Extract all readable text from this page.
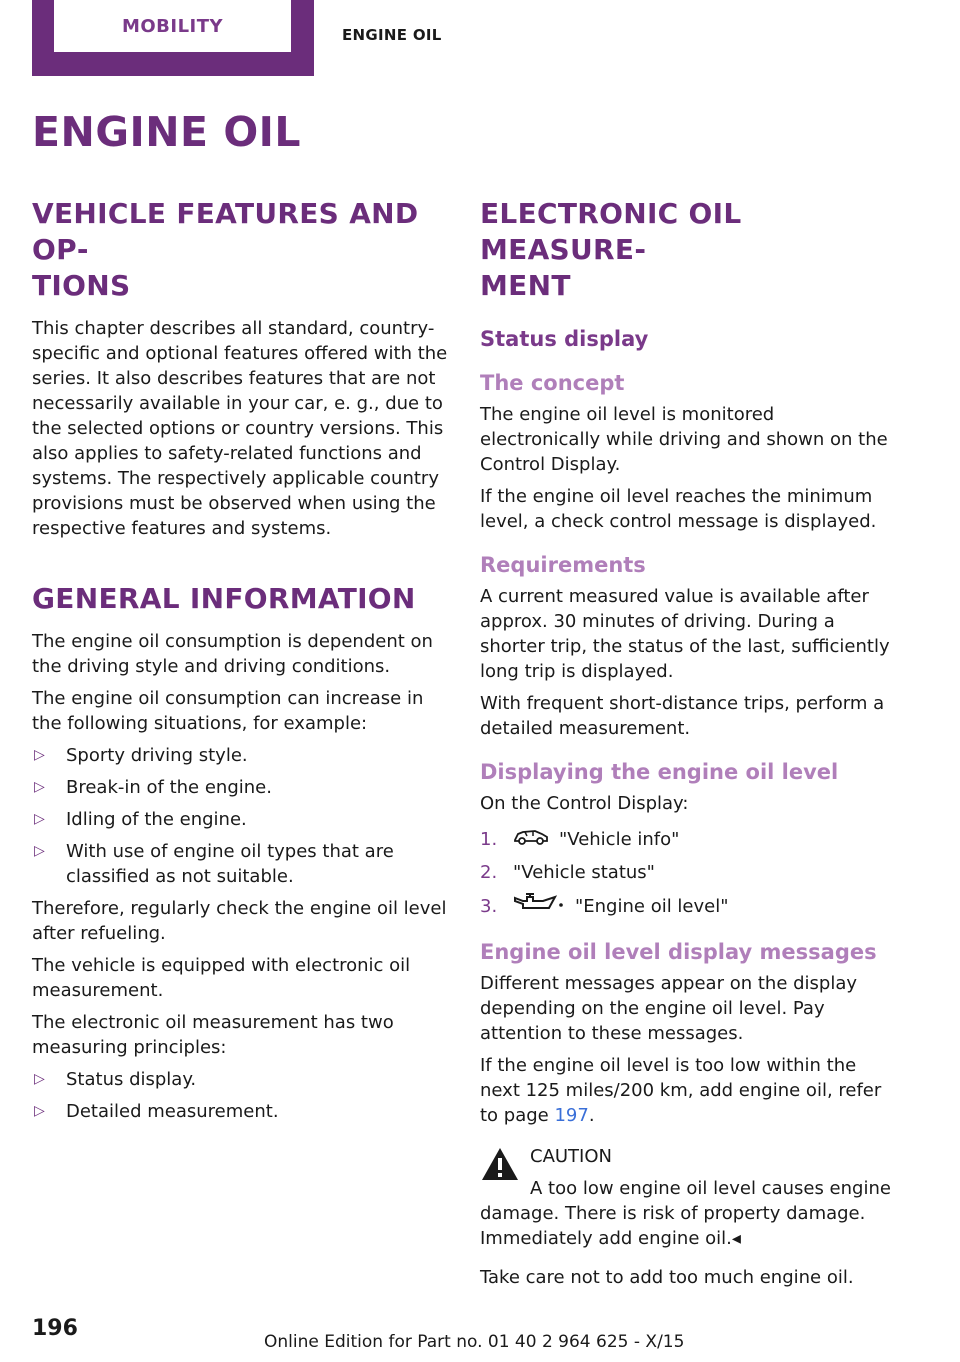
MOBILITY	ENGINE OIL
ENGINE OIL
VEHICLE FEATURES AND OP‐
TIONS

This chapter describes all standard, country-specific and optional features offered with the series. It also describes features that are not necessarily available in your car, e. g., due to the selected options or country versions. This also applies to safety-related functions and systems. The respectively applicable country provisions must be observed when using the respective features and systems.

GENERAL INFORMATION

The engine oil consumption is dependent on the driving style and driving conditions.

The engine oil consumption can increase in the following situations, for example:

▷ Sporty driving style.
▷ Break-in of the engine.
▷ Idling of the engine.
▷ With use of engine oil types that are classified as not suitable.

Therefore, regularly check the engine oil level after refueling.

The vehicle is equipped with electronic oil measurement.

The electronic oil measurement has two measuring principles:

▷ Status display.
▷ Detailed measurement.
ELECTRONIC OIL MEASURE‐
MENT
Status display
The concept

The engine oil level is monitored electronically while driving and shown on the Control Display.

If the engine oil level reaches the minimum level, a check control message is displayed.

Requirements

A current measured value is available after approx. 30 minutes of driving. During a shorter trip, the status of the last, sufficiently long trip is displayed.

With frequent short-distance trips, perform a detailed measurement.

Displaying the engine oil level

On the Control Display:

1.	"Vehicle info"
2. "Vehicle status"
3.	"Engine oil level"
Engine oil level display messages

Different messages appear on the display depending on the engine oil level. Pay attention to these messages.

If the engine oil level is too low within the next 125 miles/200 km, add engine oil, refer to page 197.

CAUTION
A too low engine oil level causes engine damage. There is risk of property damage. Immediately add engine oil.◂

Take care not to add too much engine oil.

196
Online Edition for Part no. 01 40 2 964 625 - X/15
